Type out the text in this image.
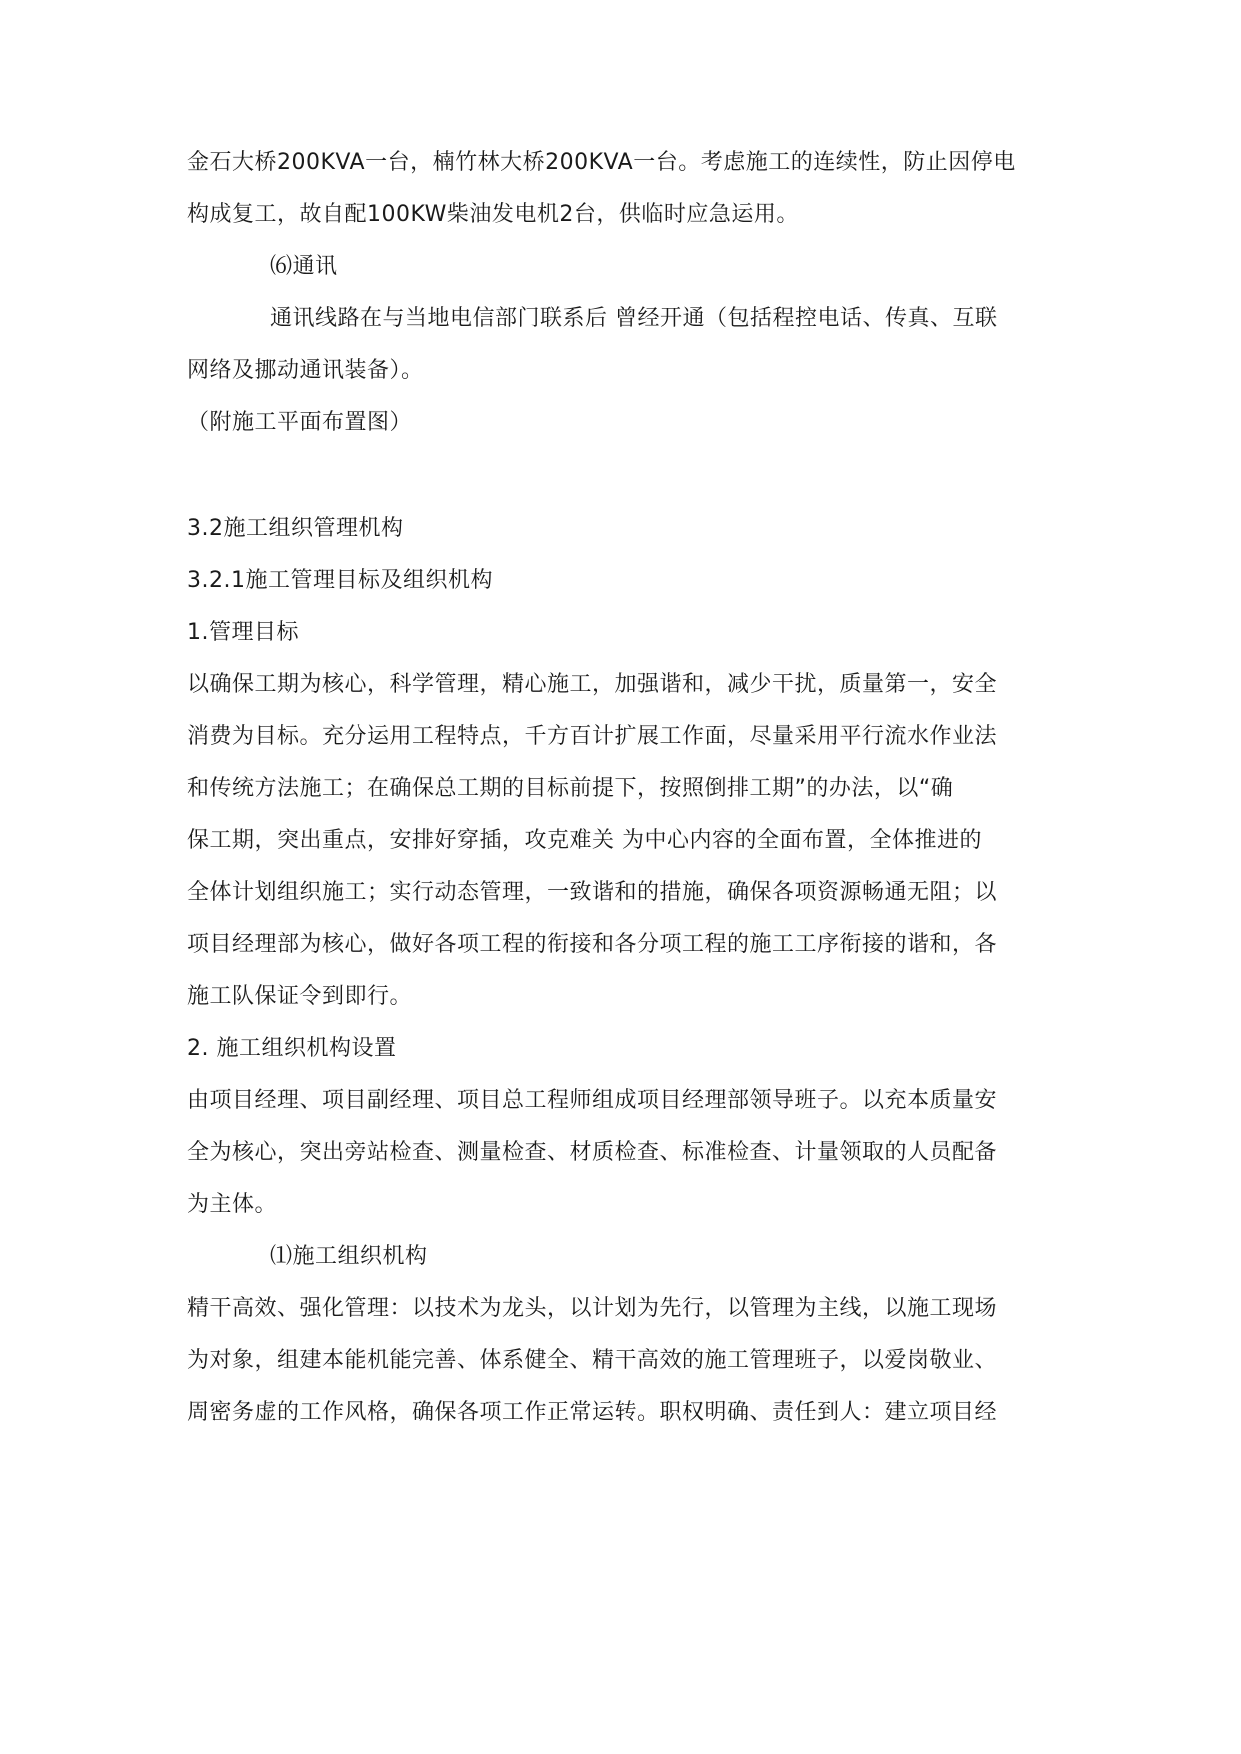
金石大桥200KVA一台，楠竹林大桥200KVA一台。考虑施工的连续性，防止因停电
构成复工，故自配100KW柴油发电机2台，供临时应急运用。
⑹通讯
通讯线路在与当地电信部门联系后 曾经开通（包括程控电话、传真、互联
网络及挪动通讯装备）。
（附施工平面布置图）
3.2施工组织管理机构
3.2.1施工管理目标及组织机构
1.管理目标
以确保工期为核心，科学管理，精心施工，加强谐和，减少干扰，质量第一，安全
消费为目标。充分运用工程特点，千方百计扩展工作面，尽量采用平行流水作业法
和传统方法施工；在确保总工期的目标前提下，按照倒排工期”的办法，以“确
保工期，突出重点，安排好穿插，攻克难关 为中心内容的全面布置，全体推进的
全体计划组织施工；实行动态管理，一致谐和的措施，确保各项资源畅通无阻；以
项目经理部为核心，做好各项工程的衔接和各分项工程的施工工序衔接的谐和，各
施工队保证令到即行。
2. 施工组织机构设置
由项目经理、项目副经理、项目总工程师组成项目经理部领导班子。以充本质量安
全为核心，突出旁站检查、测量检查、材质检查、标准检查、计量领取的人员配备
为主体。
⑴施工组织机构
精干高效、强化管理：以技术为龙头，以计划为先行，以管理为主线，以施工现场
为对象，组建本能机能完善、体系健全、精干高效的施工管理班子，以爱岗敬业、
周密务虚的工作风格，确保各项工作正常运转。职权明确、责任到人：建立项目经
